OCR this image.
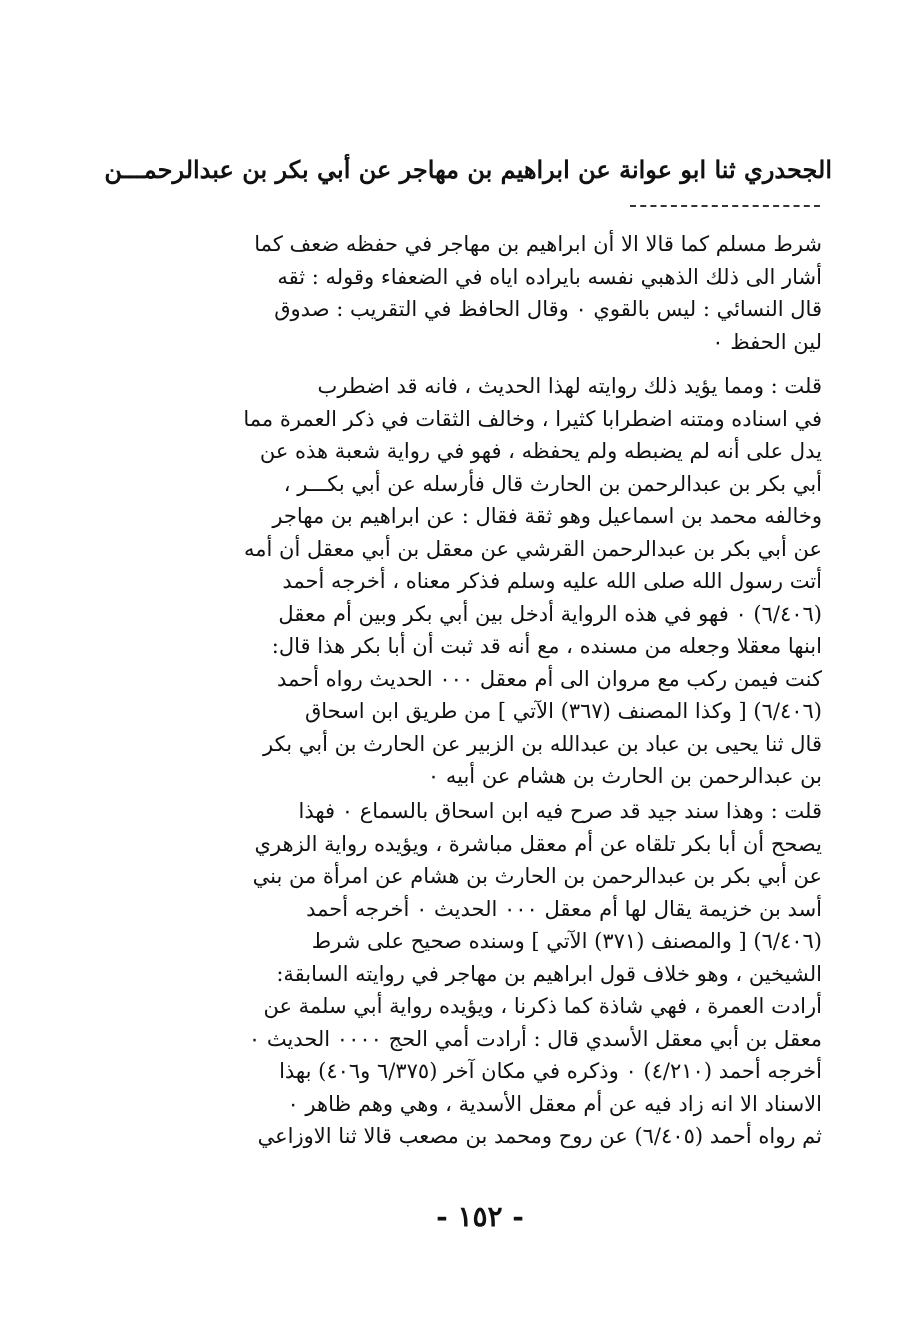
الجحدري ثنا ابو عوانة عن ابراهيم بن مهاجر عن أبي بكر بن عبدالرحمـــن
شرط مسلم كما قالا الا أن ابراهيم بن مهاجر في حفظه ضعف كما
أشار الى ذلك الذهبي نفسه بايراده اياه في الضعفاء وقوله : ثقه
قال النسائي : ليس بالقوي ٠ وقال الحافظ في التقريب : صدوق
لين الحفظ ٠
قلت : ومما يؤيد ذلك روايته لهذا الحديث ، فانه قد اضطرب
في اسناده ومتنه اضطرابا كثيرا ، وخالف الثقات في ذكر العمرة مما
يدل على أنه لم يضبطه ولم يحفظه ، فهو في رواية شعبة هذه عن
أبي بكر بن عبدالرحمن بن الحارث قال فأرسله عن أبي بكـــر ،
وخالفه محمد بن اسماعيل وهو ثقة فقال : عن ابراهيم بن مهاجر
عن أبي بكر بن عبدالرحمن القرشي عن معقل بن أبي معقل أن أمه
أتت رسول الله صلى الله عليه وسلم فذكر معناه ، أخرجه أحمد
(٦/٤٠٦) ٠ فهو في هذه الرواية أدخل بين أبي بكر وبين أم معقل
ابنها معقلا وجعله من مسنده ، مع أنه قد ثبت أن أبا بكر هذا قال:
كنت فيمن ركب مع مروان الى أم معقل ٠٠٠ الحديث رواه أحمد
(٦/٤٠٦) [ وكذا المصنف (٣٦٧) الآتي ] من طريق ابن اسحاق
قال ثنا يحيى بن عباد بن عبدالله بن الزبير عن الحارث بن أبي بكر
بن عبدالرحمن بن الحارث بن هشام عن أبيه ٠
قلت : وهذا سند جيد قد صرح فيه ابن اسحاق بالسماع ٠ فهذا
يصحح أن أبا بكر تلقاه عن أم معقل مباشرة ، ويؤيده رواية الزهري
عن أبي بكر بن عبدالرحمن بن الحارث بن هشام عن امرأة من بني
أسد بن خزيمة يقال لها أم معقل ٠٠٠ الحديث ٠ أخرجه أحمد
(٦/٤٠٦) [ والمصنف (٣٧١) الآتي ] وسنده صحيح على شرط
الشيخين ، وهو خلاف قول ابراهيم بن مهاجر في روايته السابقة:
أرادت العمرة ، فهي شاذة كما ذكرنا ، ويؤيده رواية أبي سلمة عن
معقل بن أبي معقل الأسدي قال : أرادت أمي الحج ٠٠٠٠ الحديث ٠
أخرجه أحمد (٤/٢١٠) ٠ وذكره في مكان آخر (٦/٣٧٥ و٤٠٦) بهذا
الاسناد الا انه زاد فيه عن أم معقل الأسدية ، وهي وهم ظاهر ٠
ثم رواه أحمد (٦/٤٠٥) عن روح ومحمد بن مصعب قالا ثنا الاوزاعي
- ١٥٢ -
